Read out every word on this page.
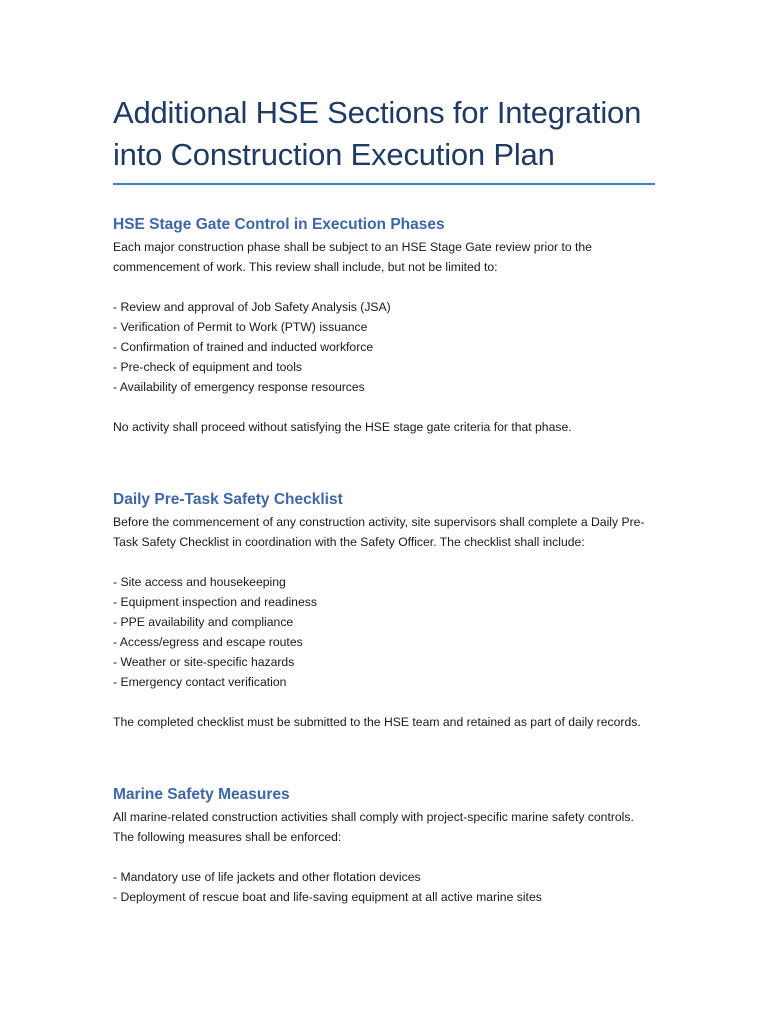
Additional HSE Sections for Integration into Construction Execution Plan
HSE Stage Gate Control in Execution Phases

Each major construction phase shall be subject to an HSE Stage Gate review prior to the commencement of work. This review shall include, but not be limited to:

- Review and approval of Job Safety Analysis (JSA)
- Verification of Permit to Work (PTW) issuance
- Confirmation of trained and inducted workforce
- Pre-check of equipment and tools
- Availability of emergency response resources

No activity shall proceed without satisfying the HSE stage gate criteria for that phase.

Daily Pre-Task Safety Checklist

Before the commencement of any construction activity, site supervisors shall complete a Daily Pre-Task Safety Checklist in coordination with the Safety Officer. The checklist shall include:

- Site access and housekeeping
- Equipment inspection and readiness
- PPE availability and compliance
- Access/egress and escape routes
- Weather or site-specific hazards
- Emergency contact verification

The completed checklist must be submitted to the HSE team and retained as part of daily records.

Marine Safety Measures

All marine-related construction activities shall comply with project-specific marine safety controls. The following measures shall be enforced:

- Mandatory use of life jackets and other flotation devices
- Deployment of rescue boat and life-saving equipment at all active marine sites
